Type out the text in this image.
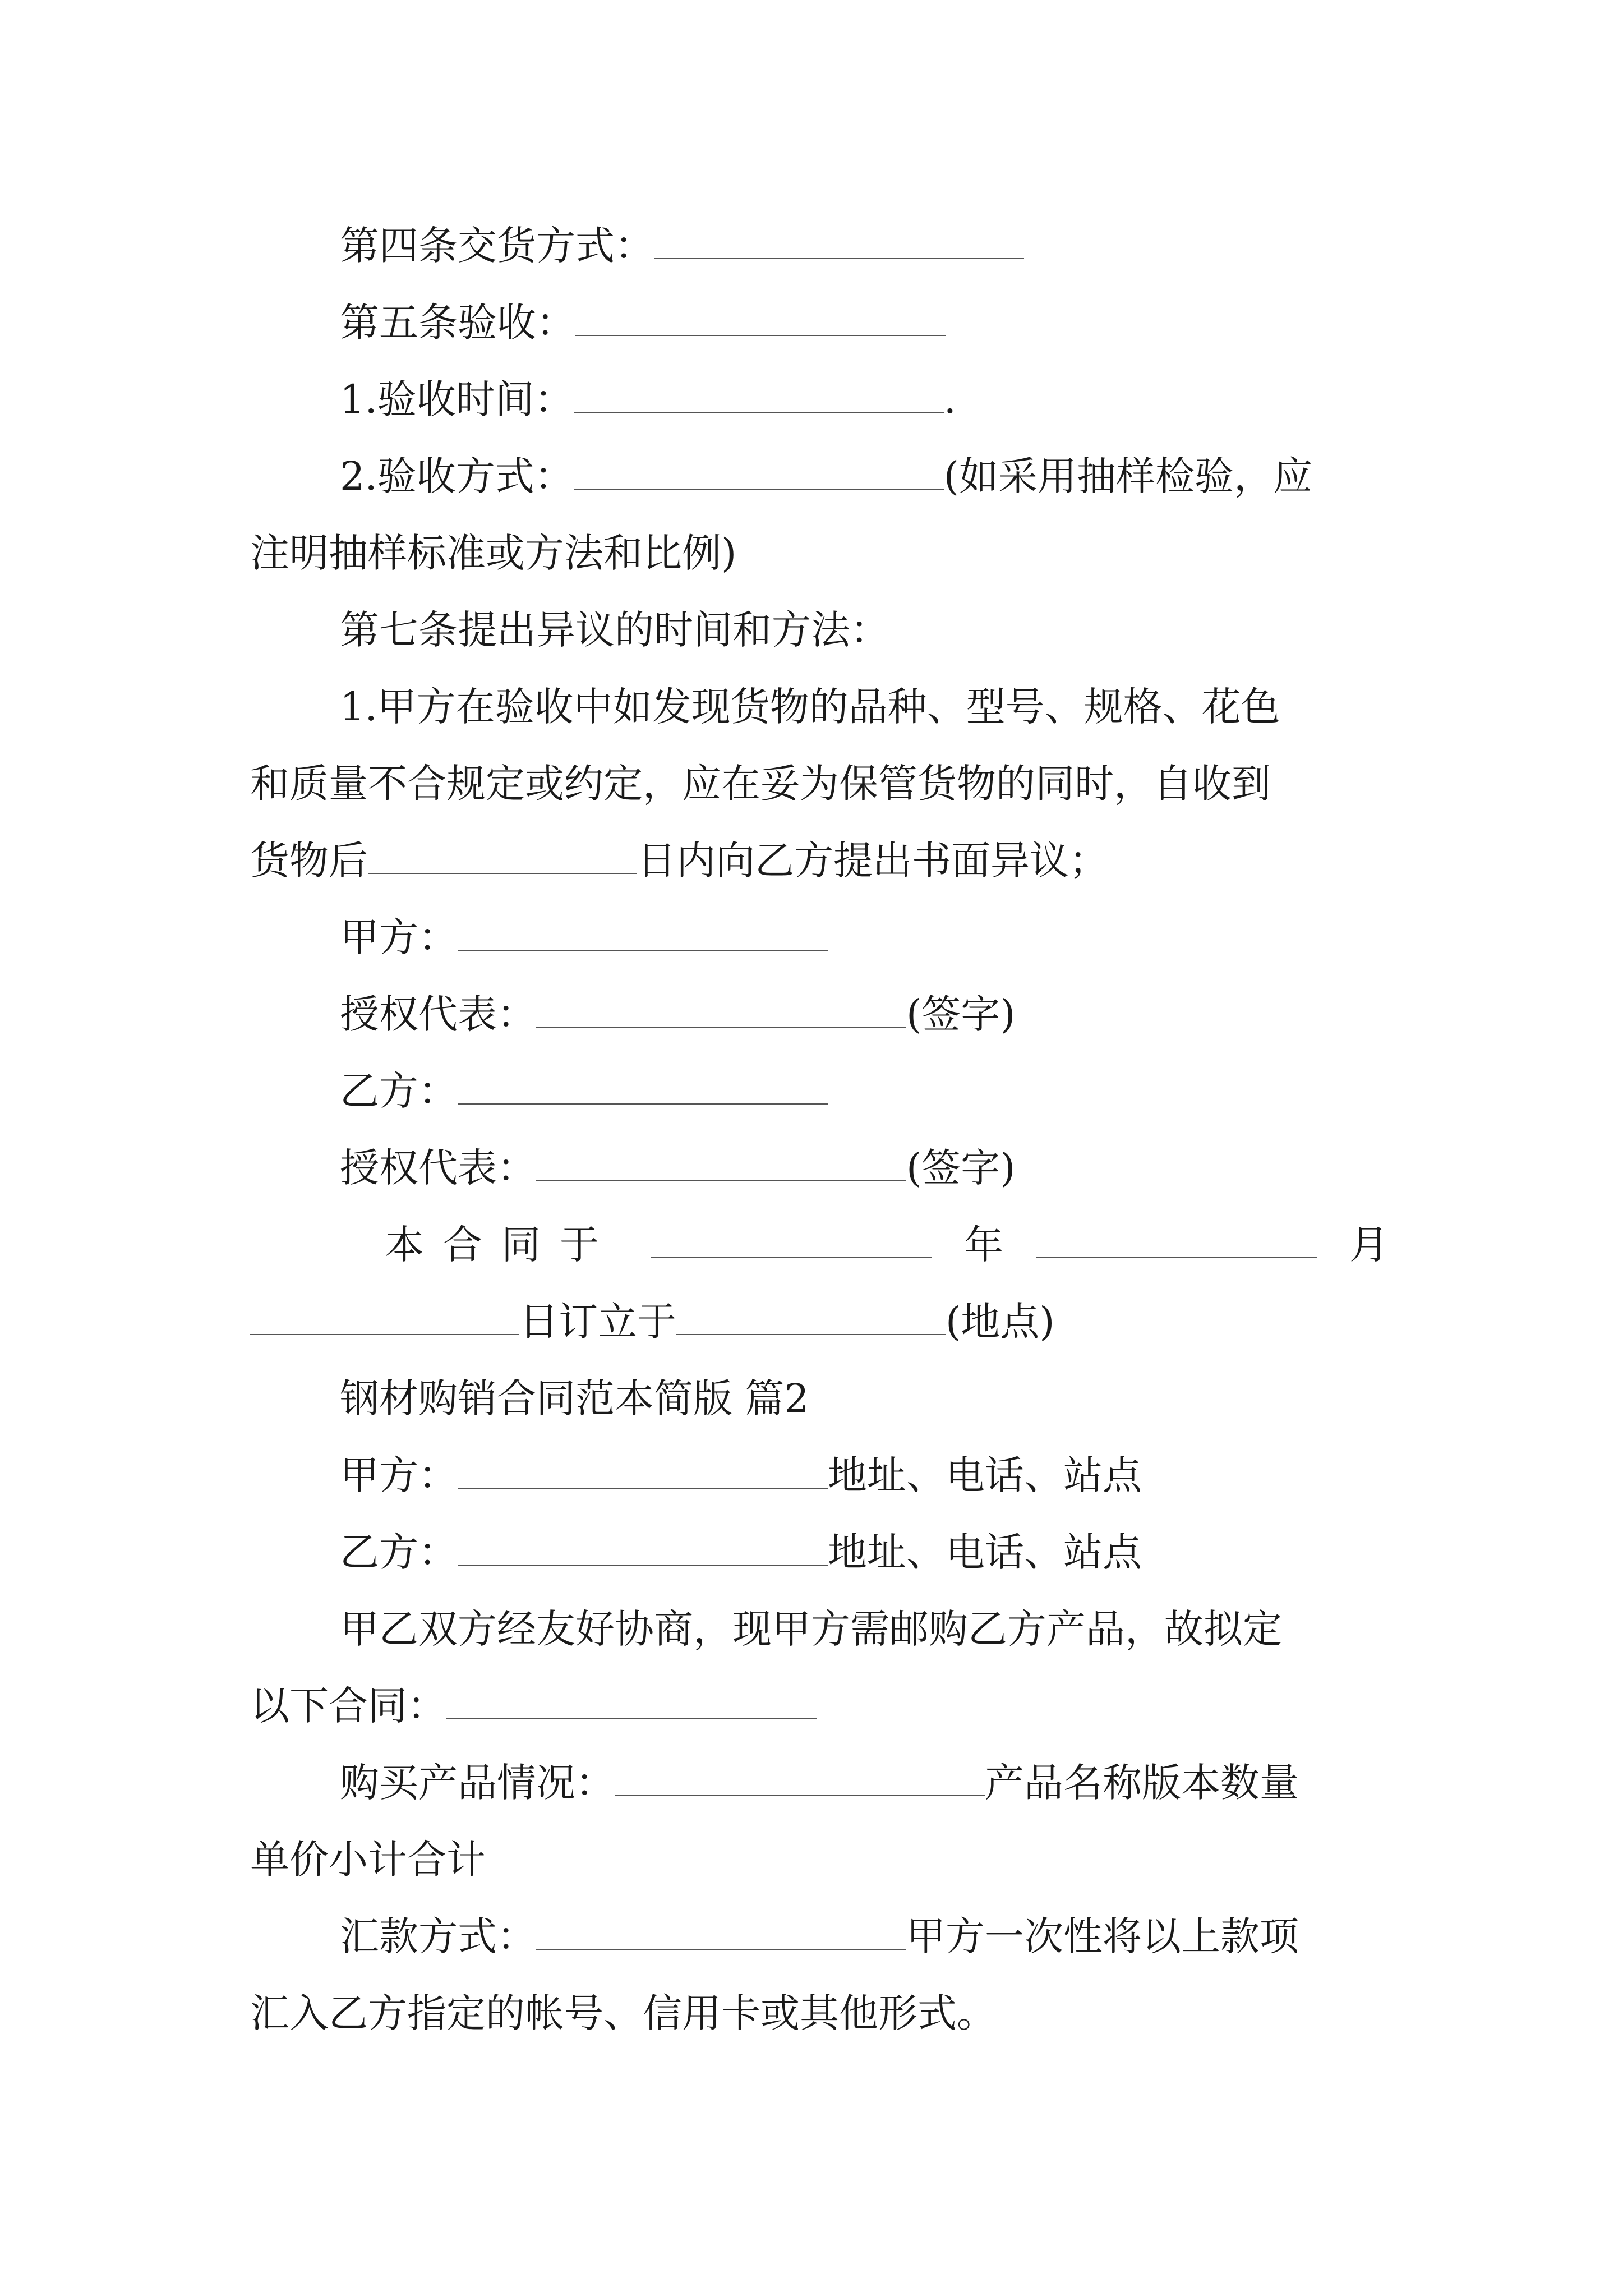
第四条交货方式：
第五条验收：
1.验收时间：	.
2.验收方式：	(如采用抽样检验，应
注明抽样标准或方法和比例)
第七条提出异议的时间和方法：
1.甲方在验收中如发现货物的品种、型号、规格、花色
和质量不合规定或约定，应在妥为保管货物的同时，自收到
货物后	日内向乙方提出书面异议；
甲方：
授权代表：	(签字)
乙方：
授权代表：	(签字)
本合同于	年	月
日订立于	(地点)
钢材购销合同范本简版 篇2
甲方：	地址、电话、站点
乙方：	地址、电话、站点
甲乙双方经友好协商，现甲方需邮购乙方产品，故拟定
以下合同：
购买产品情况：	产品名称版本数量
单价小计合计
汇款方式：	甲方一次性将以上款项
汇入乙方指定的帐号、信用卡或其他形式。
